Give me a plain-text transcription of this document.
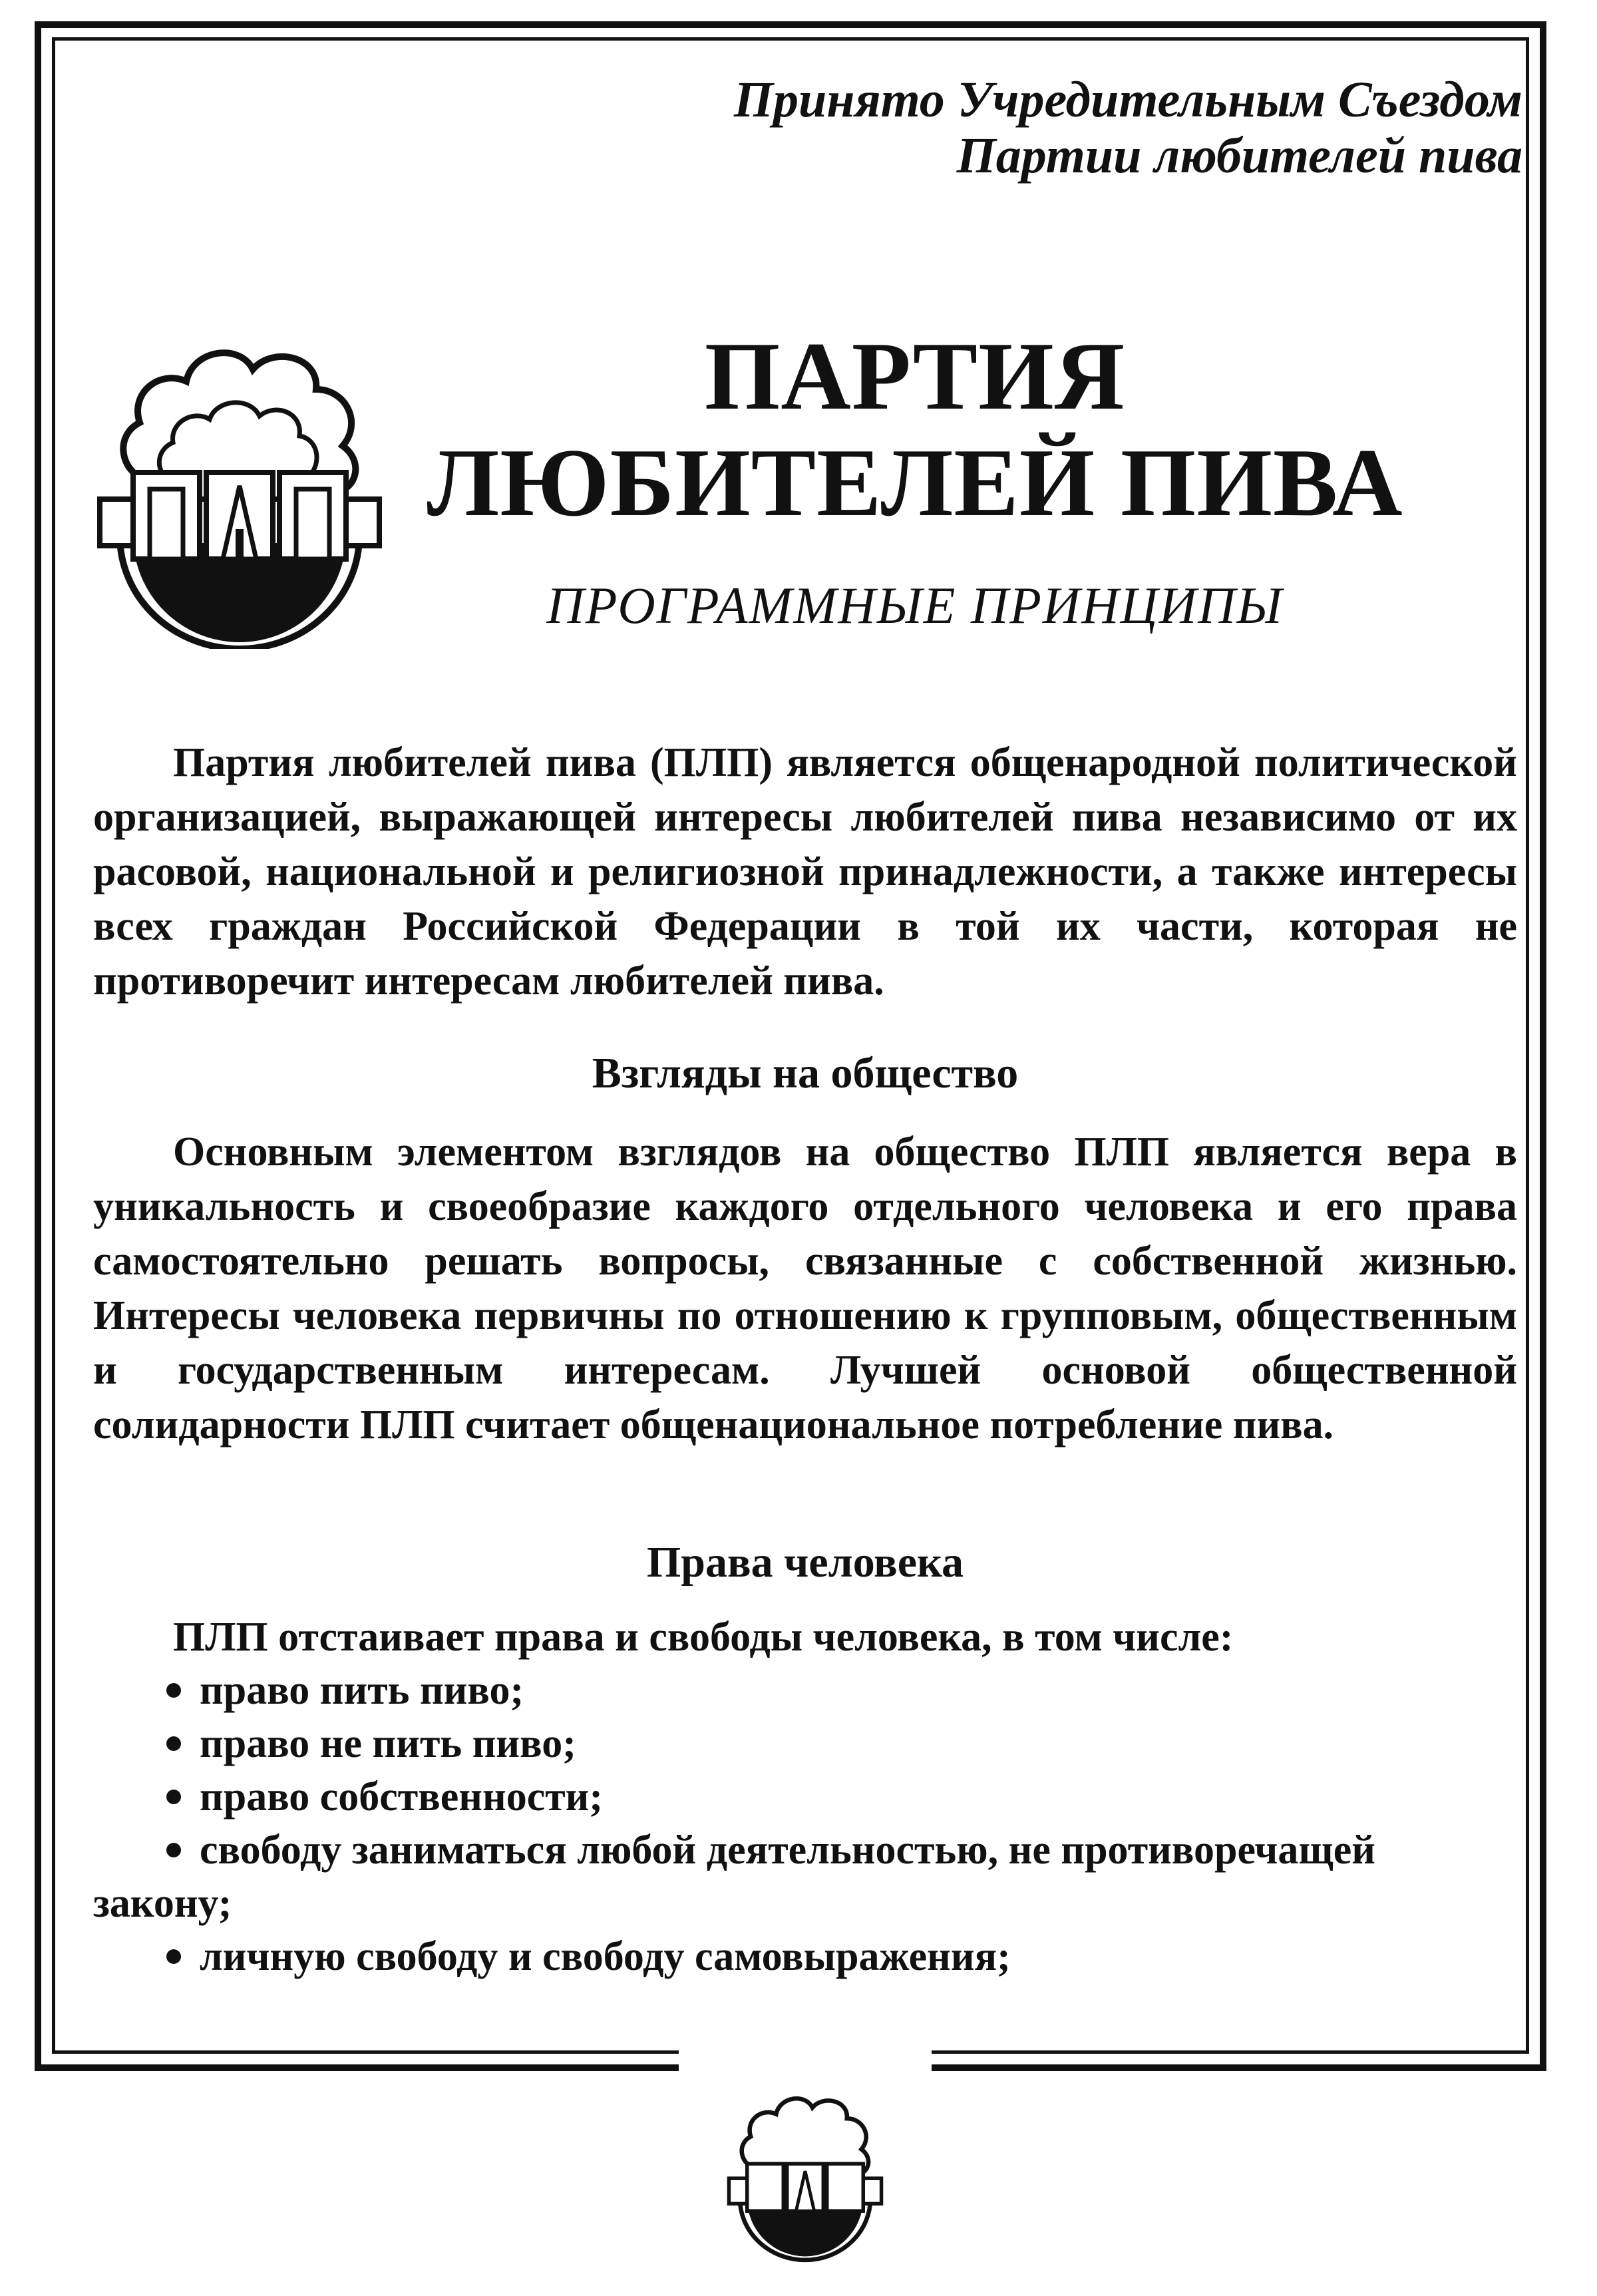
Принято Учредительным Съездом
Партии любителей пива
ПАРТИЯ
ЛЮБИТЕЛЕЙ ПИВА
ПРОГРАММНЫЕ ПРИНЦИПЫ
Партия любителей пива (ПЛП) является общенародной политической организацией, выражающей интересы любителей пива независимо от их расовой, национальной и религиозной принадлежности, а также интересы всех граждан Российской Федерации в той их части, которая не противоречит интересам любителей пива.
Взгляды на общество
Основным элементом взглядов на общество ПЛП является вера в уникальность и своеобразие каждого отдельного человека и его права самостоятельно решать вопросы, связанные с собственной жизнью. Интересы человека первичны по отношению к групповым, общественным и государственным интересам. Лучшей основой общественной солидарности ПЛП считает общенациональное потребление пива.
Права человека
ПЛП отстаивает права и свободы человека, в том числе:
право пить пиво;
право не пить пиво;
право собственности;
свободу заниматься любой деятельностью, не противоречащей
закону;
личную свободу и свободу самовыражения;
